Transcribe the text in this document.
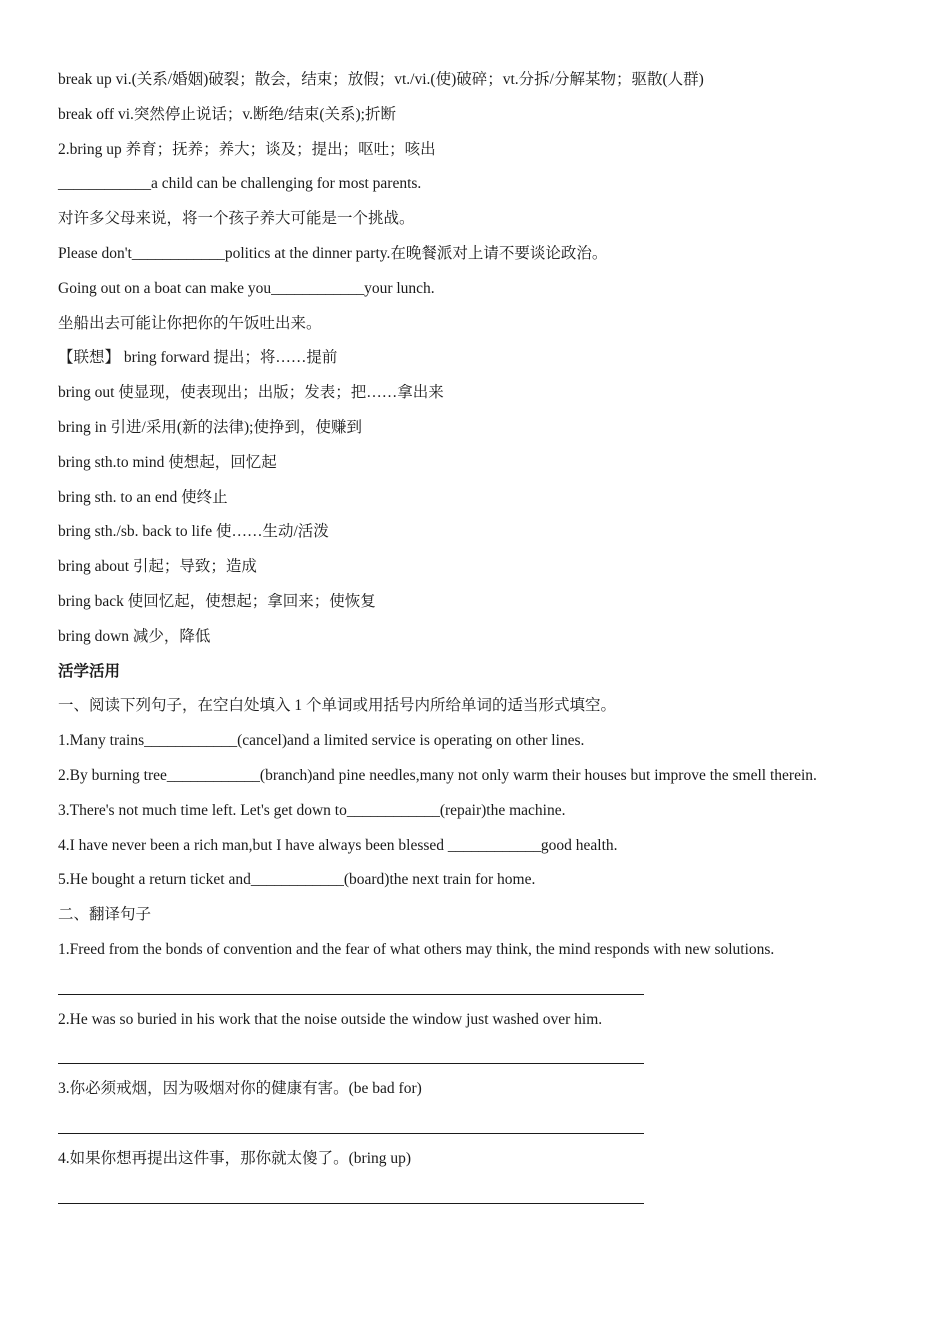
break up vi.(关系/婚姻)破裂；散会，结束；放假；vt./vi.(使)破碎；vt.分拆/分解某物；驱散(人群)
break off vi.突然停止说话；v.断绝/结束(关系);折断
2.bring up 养育；抚养；养大；谈及；提出；呕吐；咳出
____________a child can be challenging for most parents.
对许多父母来说，将一个孩子养大可能是一个挑战。
Please don't____________politics at the dinner party.在晚餐派对上请不要谈论政治。
Going out on a boat can make you____________your lunch.
坐船出去可能让你把你的午饭吐出来。
【联想】 bring forward 提出；将……提前
bring out 使显现，使表现出；出版；发表；把……拿出来
bring in 引进/采用(新的法律);使挣到，使赚到
bring sth.to mind 使想起，回忆起
bring sth. to an end 使终止
bring sth./sb. back to life 使……生动/活泼
bring about 引起；导致；造成
bring back 使回忆起，使想起；拿回来；使恢复
bring down 减少，降低
活学活用
一、阅读下列句子，在空白处填入 1 个单词或用括号内所给单词的适当形式填空。
1.Many trains____________(cancel)and a limited service is operating on other lines.
2.By burning tree____________(branch)and pine needles,many not only warm their houses but improve the smell therein.
3.There's not much time left. Let's get down to____________(repair)the machine.
4.I have never been a rich man,but I have always been blessed ____________good health.
5.He bought a return ticket and____________(board)the next train for home.
二、翻译句子
1.Freed from the bonds of convention and the fear of what others may think, the mind responds with new solutions.
2.He was so buried in his work that the noise outside the window just washed over him.
3.你必须戒烟，因为吸烟对你的健康有害。(be bad for)
4.如果你想再提出这件事，那你就太傻了。(bring up)
